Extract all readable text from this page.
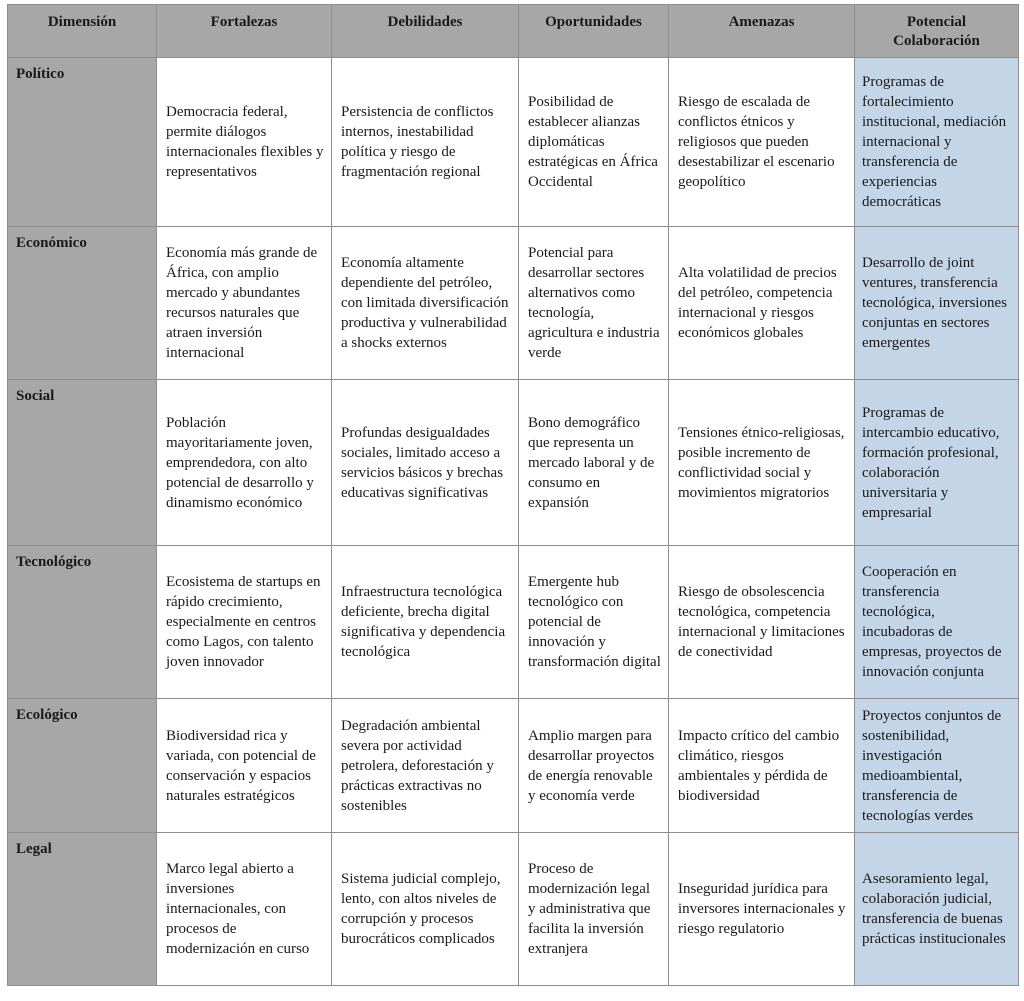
Dimensión	Fortalezas	Debilidades	Oportunidades	Amenazas	Potencial Colaboración
Político	Democracia federal, permite diálogos internacionales flexibles y representativos	Persistencia de conflictos internos, inestabilidad política y riesgo de fragmentación regional	Posibilidad de establecer alianzas diplomáticas estratégicas en África Occidental	Riesgo de escalada de conflictos étnicos y religiosos que pueden desestabilizar el escenario geopolítico	Programas de fortalecimiento institucional, mediación internacional y transferencia de experiencias democráticas
Económico	Economía más grande de África, con amplio mercado y abundantes recursos naturales que atraen inversión internacional	Economía altamente dependiente del petróleo, con limitada diversificación productiva y vulnerabilidad a shocks externos	Potencial para desarrollar sectores alternativos como tecnología, agricultura e industria verde	Alta volatilidad de precios del petróleo, competencia internacional y riesgos económicos globales	Desarrollo de joint ventures, transferencia tecnológica, inversiones conjuntas en sectores emergentes
Social	Población mayoritariamente joven, emprendedora, con alto potencial de desarrollo y dinamismo económico	Profundas desigualdades sociales, limitado acceso a servicios básicos y brechas educativas significativas	Bono demográfico que representa un mercado laboral y de consumo en expansión	Tensiones étnico-religiosas, posible incremento de conflictividad social y movimientos migratorios	Programas de intercambio educativo, formación profesional, colaboración universitaria y empresarial
Tecnológico	Ecosistema de startups en rápido crecimiento, especialmente en centros como Lagos, con talento joven innovador	Infraestructura tecnológica deficiente, brecha digital significativa y dependencia tecnológica	Emergente hub tecnológico con potencial de innovación y transformación digital	Riesgo de obsolescencia tecnológica, competencia internacional y limitaciones de conectividad	Cooperación en transferencia tecnológica, incubadoras de empresas, proyectos de innovación conjunta
Ecológico	Biodiversidad rica y variada, con potencial de conservación y espacios naturales estratégicos	Degradación ambiental severa por actividad petrolera, deforestación y prácticas extractivas no sostenibles	Amplio margen para desarrollar proyectos de energía renovable y economía verde	Impacto crítico del cambio climático, riesgos ambientales y pérdida de biodiversidad	Proyectos conjuntos de sostenibilidad, investigación medioambiental, transferencia de tecnologías verdes
Legal	Marco legal abierto a inversiones internacionales, con procesos de modernización en curso	Sistema judicial complejo, lento, con altos niveles de corrupción y procesos burocráticos complicados	Proceso de modernización legal y administrativa que facilita la inversión extranjera	Inseguridad jurídica para inversores internacionales y riesgo regulatorio	Asesoramiento legal, colaboración judicial, transferencia de buenas prácticas institucionales
